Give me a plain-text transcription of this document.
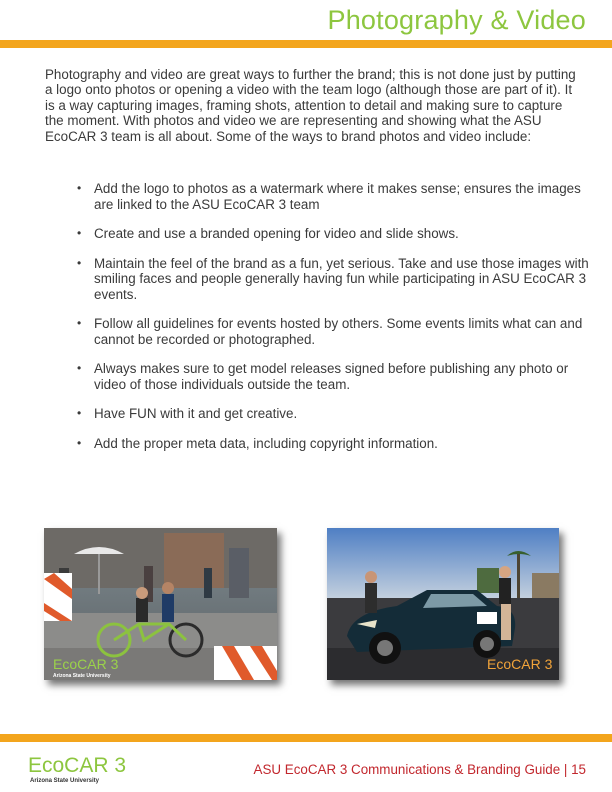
Photography & Video

Photography and video are great ways to further the brand; this is not done just by putting a logo onto photos or opening a video with the team logo (although those are part of it). It is a way capturing images, framing shots, attention to detail and making sure to capture the moment. With photos and video we are representing and showing what the ASU EcoCAR 3 team is all about. Some of the ways to brand photos and video include:

• Add the logo to photos as a watermark where it makes sense; ensures the images are linked to the ASU EcoCAR 3 team
• Create and use a branded opening for video and slide shows.
• Maintain the feel of the brand as a fun, yet serious. Take and use those images with smiling faces and people generally having fun while participating in ASU EcoCAR 3 events.
• Follow all guidelines for events hosted by others. Some events limits what can and cannot be recorded or photographed.
• Always makes sure to get model releases signed before publishing any photo or video of those individuals outside the team.
• Have FUN with it and get creative.
• Add the proper meta data, including copyright information.
EcoCAR 3
Arizona State University
EcoCAR 3
EcoCAR 3
Arizona State University
ASU EcoCAR 3 Communications & Branding Guide | 15
